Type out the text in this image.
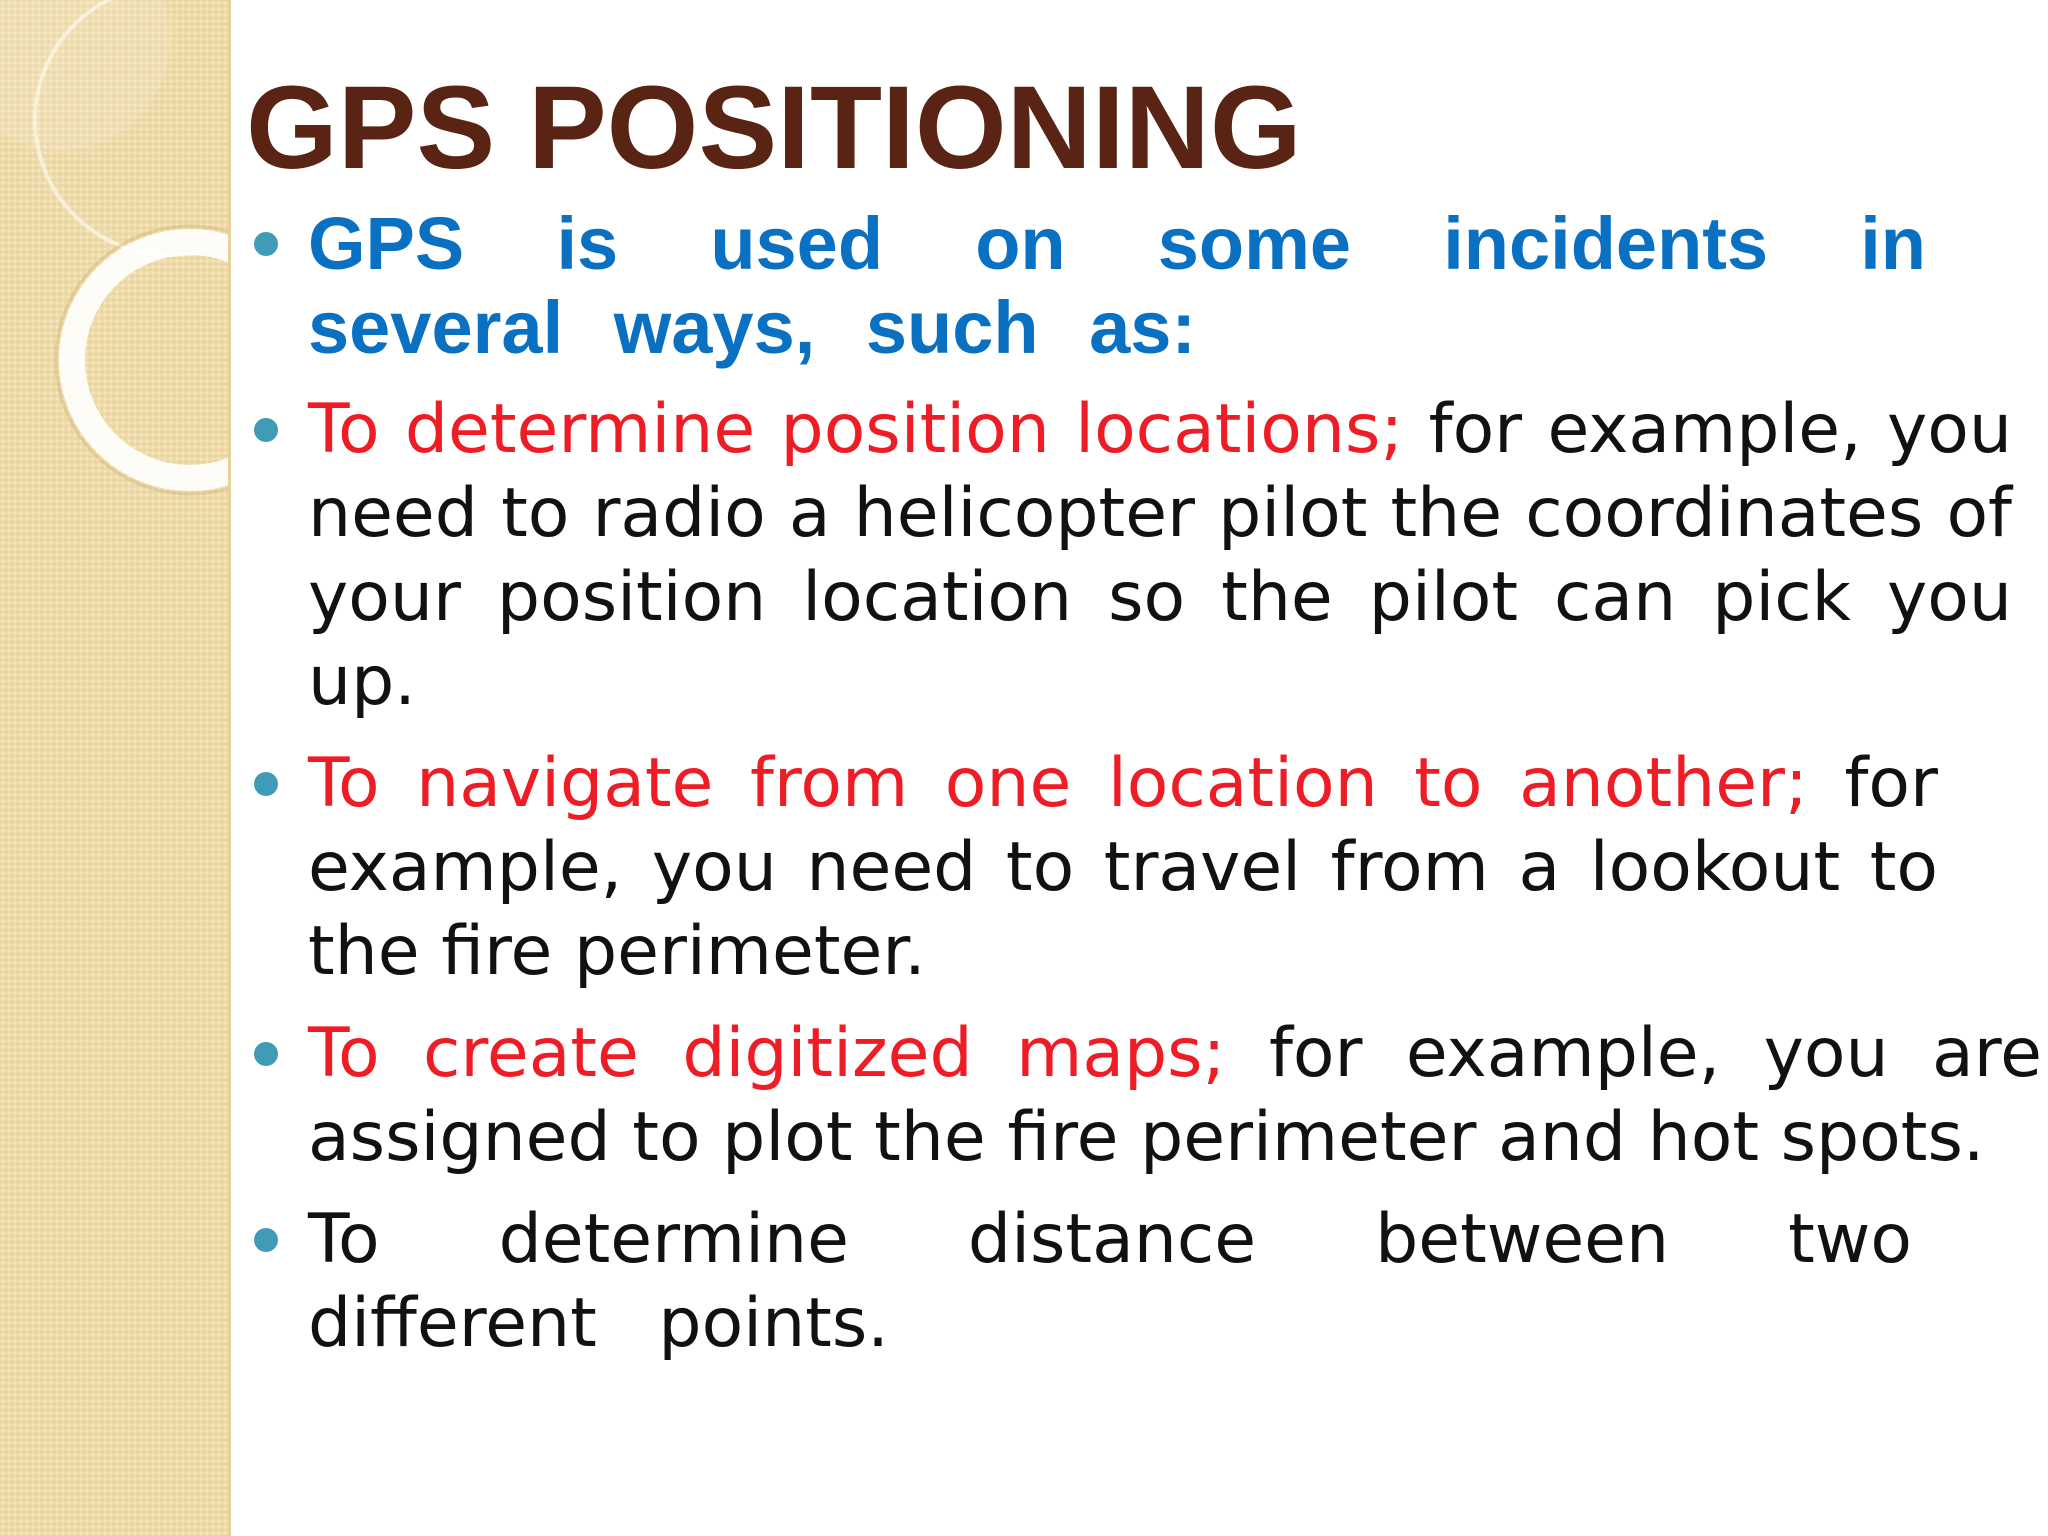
GPS POSITIONING
GPS is used on some incidents in several ways, such as:
To determine position locations; for example, you need to radio a helicopter pilot the coordinates of your position location so the pilot can pick you up.
To navigate from one location to another; for example, you need to travel from a lookout to the fire perimeter.
To create digitized maps; for example, you are assigned to plot the fire perimeter and hot spots.
To determine distance between two different points.
